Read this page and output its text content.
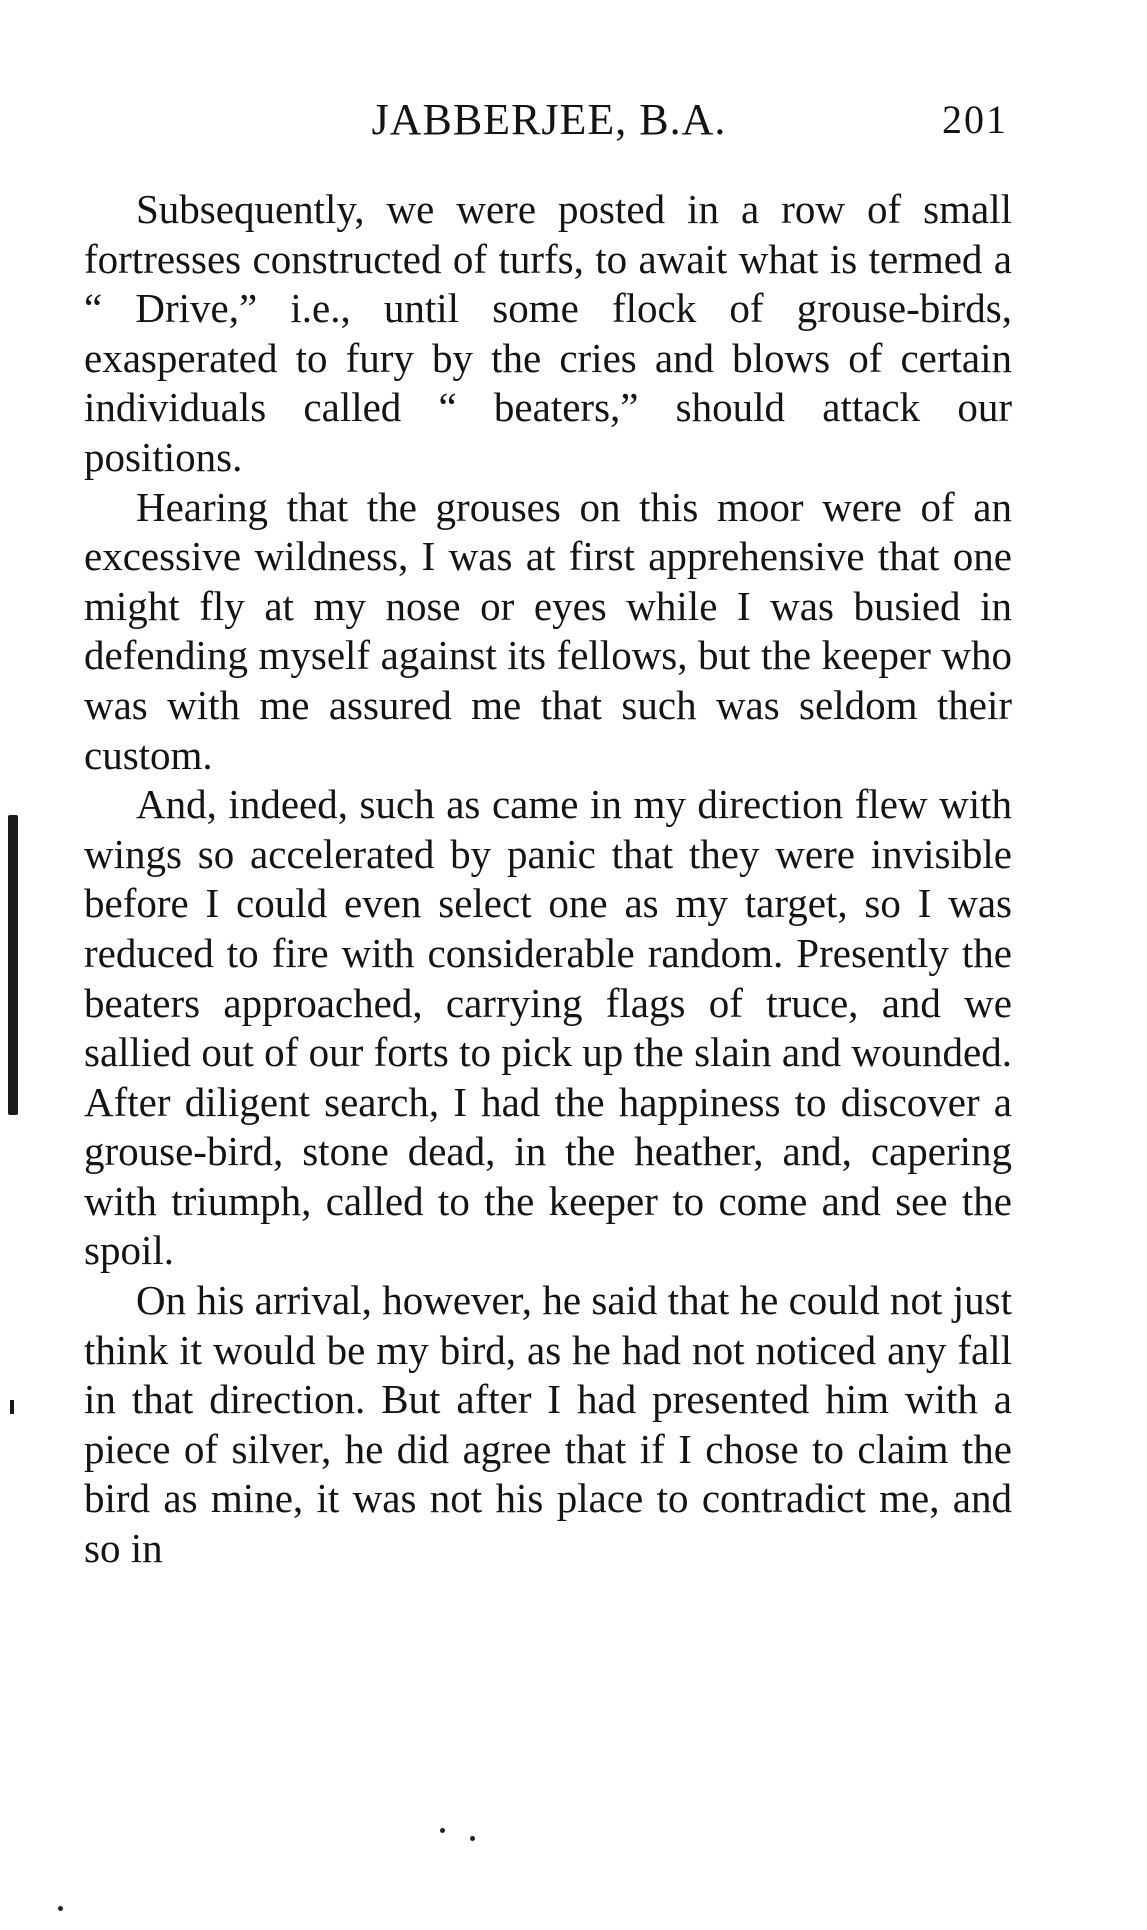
JABBERJEE, B.A.	201

Subsequently, we were posted in a row of small fortresses constructed of turfs, to await what is termed a “ Drive,” i.e., until some flock of grouse-birds, exasperated to fury by the cries and blows of certain individuals called “ beaters,” should attack our positions.

Hearing that the grouses on this moor were of an excessive wildness, I was at first apprehensive that one might fly at my nose or eyes while I was busied in defending myself against its fellows, but the keeper who was with me assured me that such was seldom their custom.

And, indeed, such as came in my direction flew with wings so accelerated by panic that they were invisible before I could even select one as my target, so I was reduced to fire with considerable random. Presently the beaters approached, carrying flags of truce, and we sallied out of our forts to pick up the slain and wounded. After diligent search, I had the happiness to discover a grouse-bird, stone dead, in the heather, and, capering with triumph, called to the keeper to come and see the spoil.

On his arrival, however, he said that he could not just think it would be my bird, as he had not noticed any fall in that direction. But after I had presented him with a piece of silver, he did agree that if I chose to claim the bird as mine, it was not his place to contradict me, and so in
